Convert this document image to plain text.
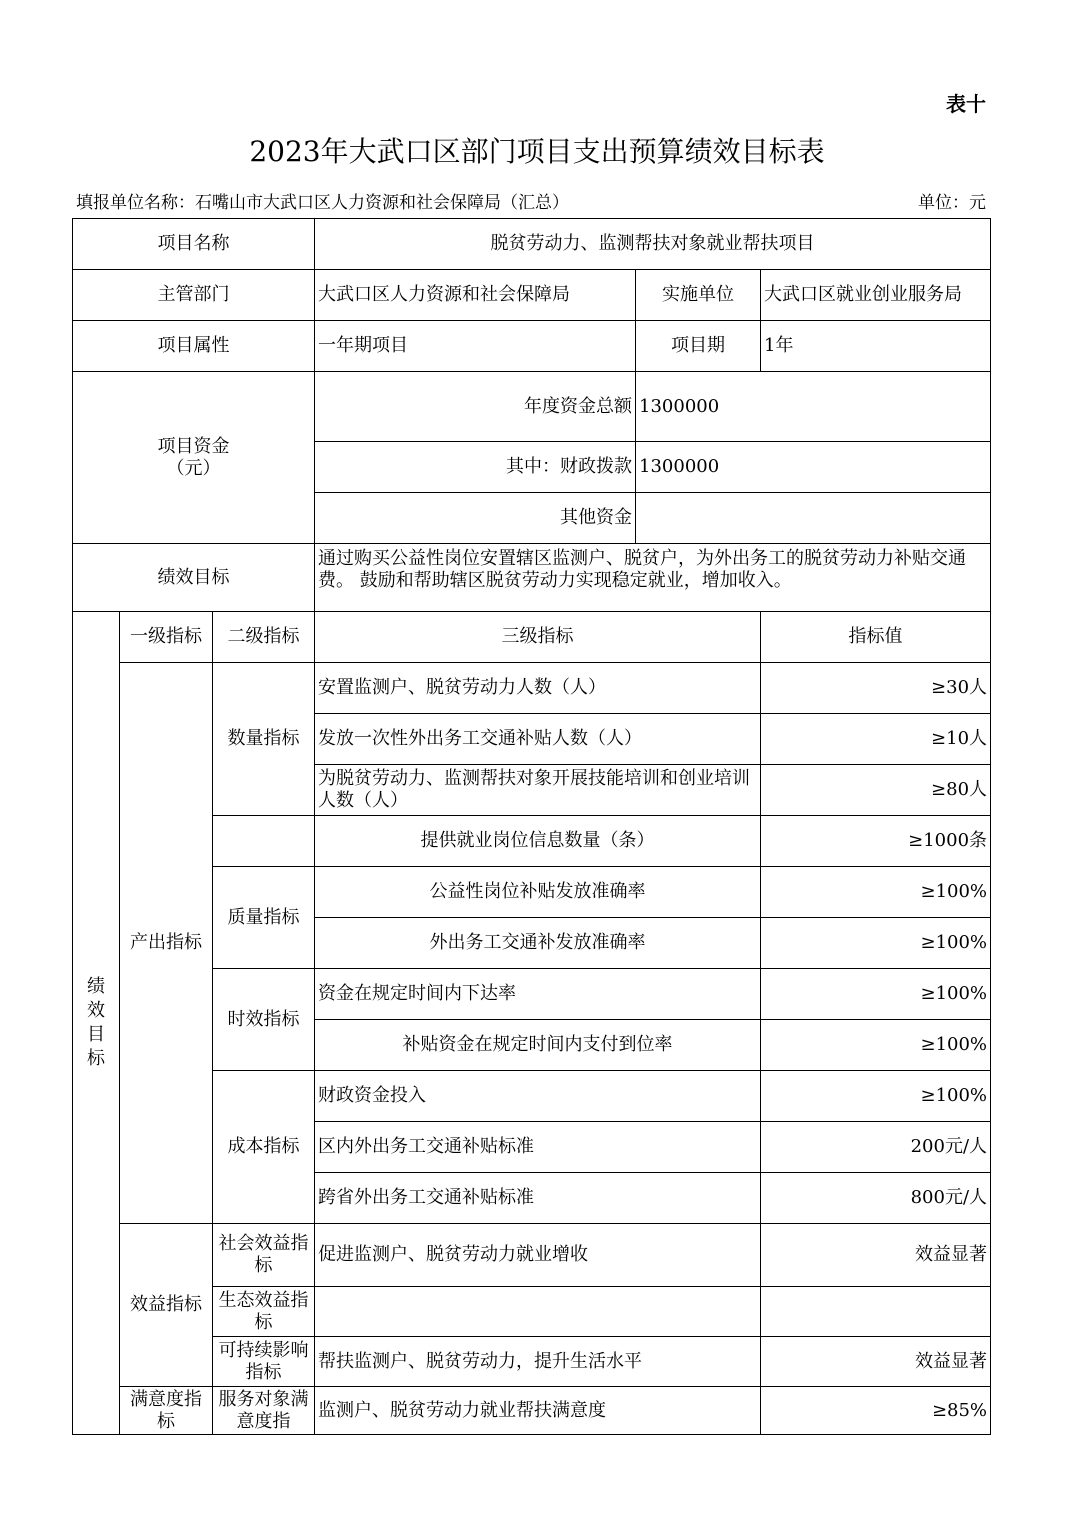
表十
2023年大武口区部门项目支出预算绩效目标表
填报单位名称：石嘴山市大武口区人力资源和社会保障局（汇总）	单位：元
项目名称			脱贫劳动力、监测帮扶对象就业帮扶项目		
主管部门			大武口区人力资源和社会保障局	实施单位	大武口区就业创业服务局
项目属性			一年期项目	项目期	1年

项目资金
（元）			年度资金总额	1300000	
			其中：财政拨款	1300000	
			其他资金		
绩效目标			通过购买公益性岗位安置辖区监测户、脱贫户，为外出务工的脱贫劳动力补贴交通费。 鼓励和帮助辖区脱贫劳动力实现稳定就业，增加收入。		

绩效目标	一级指标	二级指标	三级指标		指标值
	产出指标	数量指标	安置监测户、脱贫劳动力人数（人）		≥30人
			发放一次性外出务工交通补贴人数（人）		≥10人
			为脱贫劳动力、监测帮扶对象开展技能培训和创业培训人数（人）		≥80人
			提供就业岗位信息数量（条）		≥1000条
		质量指标	公益性岗位补贴发放准确率		≥100%
			外出务工交通补发放准确率		≥100%
		时效指标	资金在规定时间内下达率		≥100%
			补贴资金在规定时间内支付到位率		≥100%
		成本指标	财政资金投入		≥100%
			区内外出务工交通补贴标准		200元/人
			跨省外出务工交通补贴标准		800元/人
	效益指标	社会效益指标	促进监测户、脱贫劳动力就业增收		效益显著
		生态效益指标			
		可持续影响指标	帮扶监测户、脱贫劳动力，提升生活水平		效益显著
	满意度指标	服务对象满意度指	监测户、脱贫劳动力就业帮扶满意度		≥85%
